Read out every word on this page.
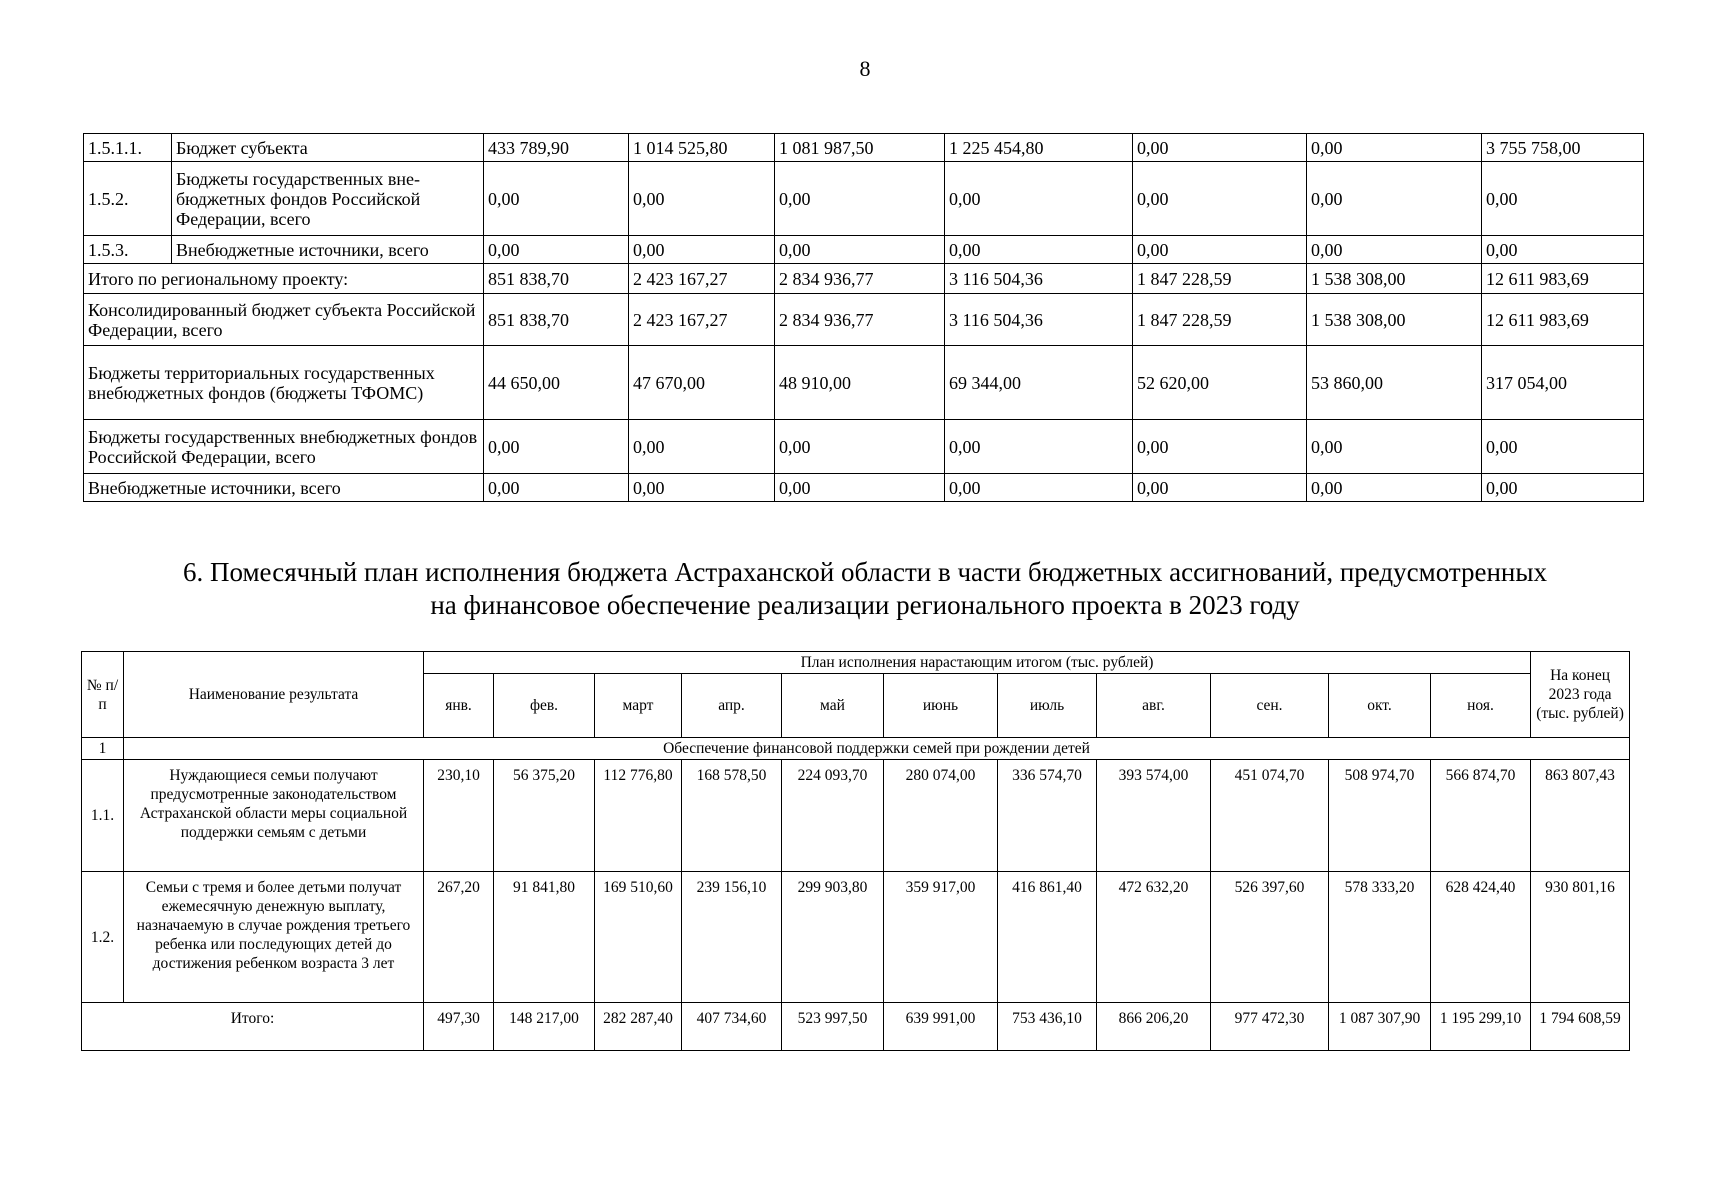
8
1.5.1.1.	Бюджет субъекта	433 789,90	1 014 525,80	1 081 987,50	1 225 454,80	0,00	0,00	3 755 758,00
1.5.2.	Бюджеты государственных вне-бюджетных фондов Российской Федерации, всего	0,00	0,00	0,00	0,00	0,00	0,00	0,00
1.5.3.	Внебюджетные источники, всего	0,00	0,00	0,00	0,00	0,00	0,00	0,00
Итого по региональному проекту:		851 838,70	2 423 167,27	2 834 936,77	3 116 504,36	1 847 228,59	1 538 308,00	12 611 983,69
Консолидированный бюджет субъекта Российской Федерации, всего		851 838,70	2 423 167,27	2 834 936,77	3 116 504,36	1 847 228,59	1 538 308,00	12 611 983,69
Бюджеты территориальных государственных внебюджетных фондов (бюджеты ТФОМС)		44 650,00	47 670,00	48 910,00	69 344,00	52 620,00	53 860,00	317 054,00
Бюджеты государственных внебюджетных фондов Российской Федерации, всего		0,00	0,00	0,00	0,00	0,00	0,00	0,00
Внебюджетные источники, всего		0,00	0,00	0,00	0,00	0,00	0,00	0,00
6. Помесячный план исполнения бюджета Астраханской области в части бюджетных ассигнований, предусмотренных
на финансовое обеспечение реализации регионального проекта в 2023 году
№ п/п	Наименование результата	План исполнения нарастающим итогом (тыс. рублей)											На конец 2023 года (тыс. рублей)
		янв.	фев.	март	апр.	май	июнь	июль	авг.	сен.	окт.	ноя.	
1	Обеспечение финансовой поддержки семей при рождении детей												
1.1.	Нуждающиеся семьи получают предусмотренные законодательством Астраханской области меры социальной поддержки семьям с детьми	230,10	56 375,20	112 776,80	168 578,50	224 093,70	280 074,00	336 574,70	393 574,00	451 074,70	508 974,70	566 874,70	863 807,43
1.2.	Семьи с тремя и более детьми получат ежемесячную денежную выплату, назначаемую в случае рождения третьего ребенка или последующих детей до достижения ребенком возраста 3 лет	267,20	91 841,80	169 510,60	239 156,10	299 903,80	359 917,00	416 861,40	472 632,20	526 397,60	578 333,20	628 424,40	930 801,16
Итого:		497,30	148 217,00	282 287,40	407 734,60	523 997,50	639 991,00	753 436,10	866 206,20	977 472,30	1 087 307,90	1 195 299,10	1 794 608,59
